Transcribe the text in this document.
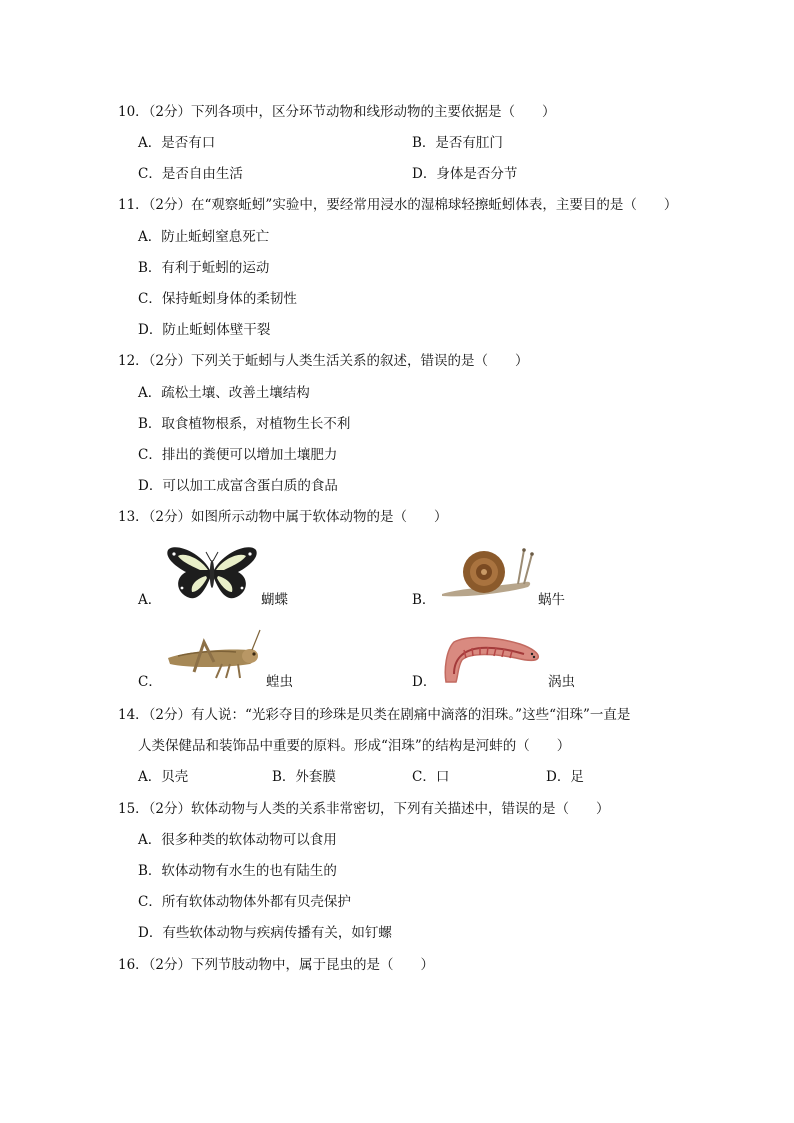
10．（2分）下列各项中，区分环节动物和线形动物的主要依据是（　　）
A．是否有口	B．是否有肛门
C．是否自由生活	D．身体是否分节
11．（2分）在“观察蚯蚓”实验中，要经常用浸水的湿棉球轻擦蚯蚓体表，主要目的是（　　）
A．防止蚯蚓窒息死亡
B．有利于蚯蚓的运动
C．保持蚯蚓身体的柔韧性
D．防止蚯蚓体壁干裂
12．（2分）下列关于蚯蚓与人类生活关系的叙述，错误的是（　　）
A．疏松土壤、改善土壤结构
B．取食植物根系，对植物生长不利
C．排出的粪便可以增加土壤肥力
D．可以加工成富含蛋白质的食品
13．（2分）如图所示动物中属于软体动物的是（　　）
A．	蝴蝶	B．	蜗牛
C．	蝗虫	D．	涡虫
14．（2分）有人说：“光彩夺目的珍珠是贝类在剧痛中滴落的泪珠。”这些“泪珠”一直是
人类保健品和装饰品中重要的原料。形成“泪珠”的结构是河蚌的（　　）
A．贝壳	B．外套膜	C．口	D．足
15．（2分）软体动物与人类的关系非常密切，下列有关描述中，错误的是（　　）
A．很多种类的软体动物可以食用
B．软体动物有水生的也有陆生的
C．所有软体动物体外都有贝壳保护
D．有些软体动物与疾病传播有关，如钉螺
16．（2分）下列节肢动物中，属于昆虫的是（　　）
